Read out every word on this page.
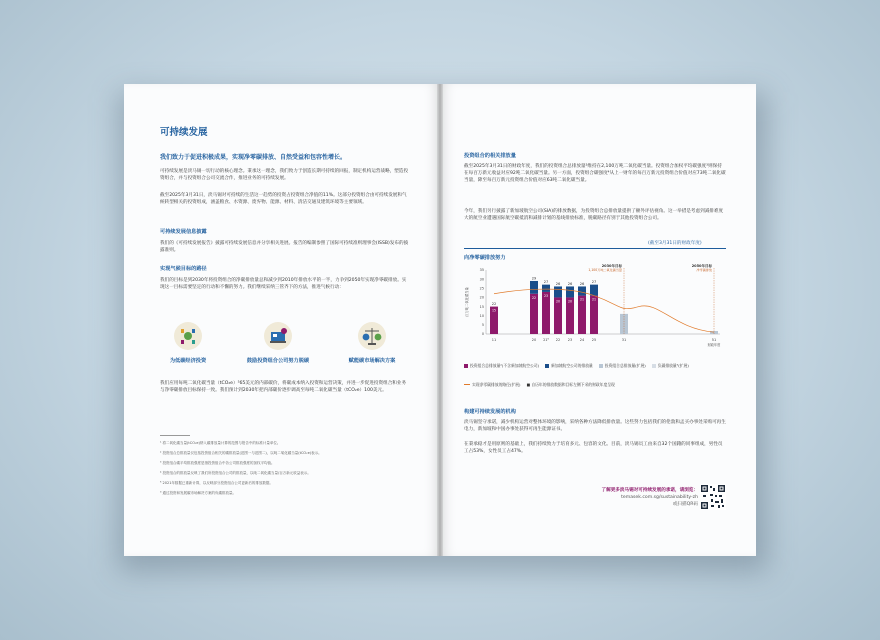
可持续发展
我们致力于促进积极成果，实现净零碳排放、自然受益和包容性增长。
可持续发展是淡马锡一切行动的核心理念。秉承这一理念，我们致力于创造长期可持续的回报，制定机构运营战略，塑造投资组合，并与投资组合公司交流合作，推进业务的可持续发展。
截至2025年3月31日，淡马锡对可持续的生活这一趋势的投资占投资组合净值的11%。这部分投资组合由可持续发展和气候转型相关的投资组成，涵盖粮食、水资源、废弃物、能源、材料、清洁交通及建筑环境等主要领域。
可持续发展信息披露
我们的《可持续发展报告》披露可持续发展信息并分享相关进展。报告的编制参照了国际可持续准则理事会(ISSB)发布的披露准则。
实现气候目标的路径
我们的目标是到2030年将投资组合的净碳排放量总和减少到2010年排放水平的一半，力争到2050年实现净零碳排放。实现这一目标需要坚定的行动和不懈的努力。我们继续采纳三管齐下的方法，推进气候行动：
为低碳经济投资	鼓励投资组合公司努力脱碳	赋能碳市场解决方案
我们应用每吨二氧化碳当量（tCO₂e）⁵65美元的内部碳价，将碳成本纳入投资和运营决策，并进一步促进投资组合和业务与净零碳排放目标保持一致。我们预计到2030年把内部碳价逐步调高至每吨二氧化碳当量（tCO₂e）100美元。
¹ 将二氧化碳当量(tCO₂e)纳入碳排放量计算的范围与报告中的标准计量单位。
² 投资组合总排放量仅包括投资组合相关的碳排放量(范围一与范围二)，以吨二氧化碳当量(tCO₂e)表示。
³ 投资组合碳平均排放强度是指投资组合中各公司排放强度的加权平均值。
⁴ 投资组合的排放量反映了我们所投资组合公司的排放量，以吨二氧化碳当量/百万新元收益表示。
⁵ 2021年数据已重新计算，以反映部分投资组合公司更新后的排放数据。
⁶ 通过投资和发展碳市场解决方案的负碳排放量。
投资组合的相关排放量
截至2025年3月31日的财政年度，我们的投资组合总排放量²维持在2,100万吨二氧化碳当量。投资组合加权平均碳强度³则保持在每百万新元收益对应92吨二氧化碳当量。另一方面，投资组合碳强度⁴从上一财年的每百万新元投资组合价值对应73吨二氧化碳当量，降至每百万新元投资组合价值对应63吨二氧化碳当量。
今年，我们另行披露了新加坡航空公司(SIA)的排放数据，为投资组合总排放量提供了额外评估视角。这一举措是考虑到减排难度大的航空业遭遇国际航空碳抵消和减排计划的基线排放标准，脱碳路径有别于其他投资组合公司。
(截至3月31日的财政年度)
向净零碳排放努力
0
5
10
15
20
25
30
35
百万吨二氧化碳当量	22
15
29
22
27
23
26
20
26
20
26
21
27
21
2030年目标
1,100万吨二氧化碳当量
2050年目标
净零碳排放
11	20 21⁵ 22 23 24 25	31	51
财政年度
投资组合总排放量²(不含新加坡航空公司)	新加坡航空公司的排放量	投资组合总排放量(扩展)	负碳排放量⁶(扩展)实现净零碳排放的路径(扩展) ■ 自历年的排放数据和目标左侧下采的财政年度呈现
构建可持续发展的机构
淡马锡坚守承诺，减少机构运营对整体环境的影响，采纳各种方法降低排放量。这些努力包括我们的伦敦和孟买办事处采购可再生电力，新加坡和中国办事处获得可再生能源证书。
在秉承稳才是用原则的基础上，我们持续致力于培育多元、包容的文化。目前，淡马锡员工由来自32个国籍的同事组成，男性员工占53%，女性员工占47%。
了解更多淡马锡对可持续发展的承诺，请浏览：
temasek.com.sg/sustainability-zh
或扫描QR码
